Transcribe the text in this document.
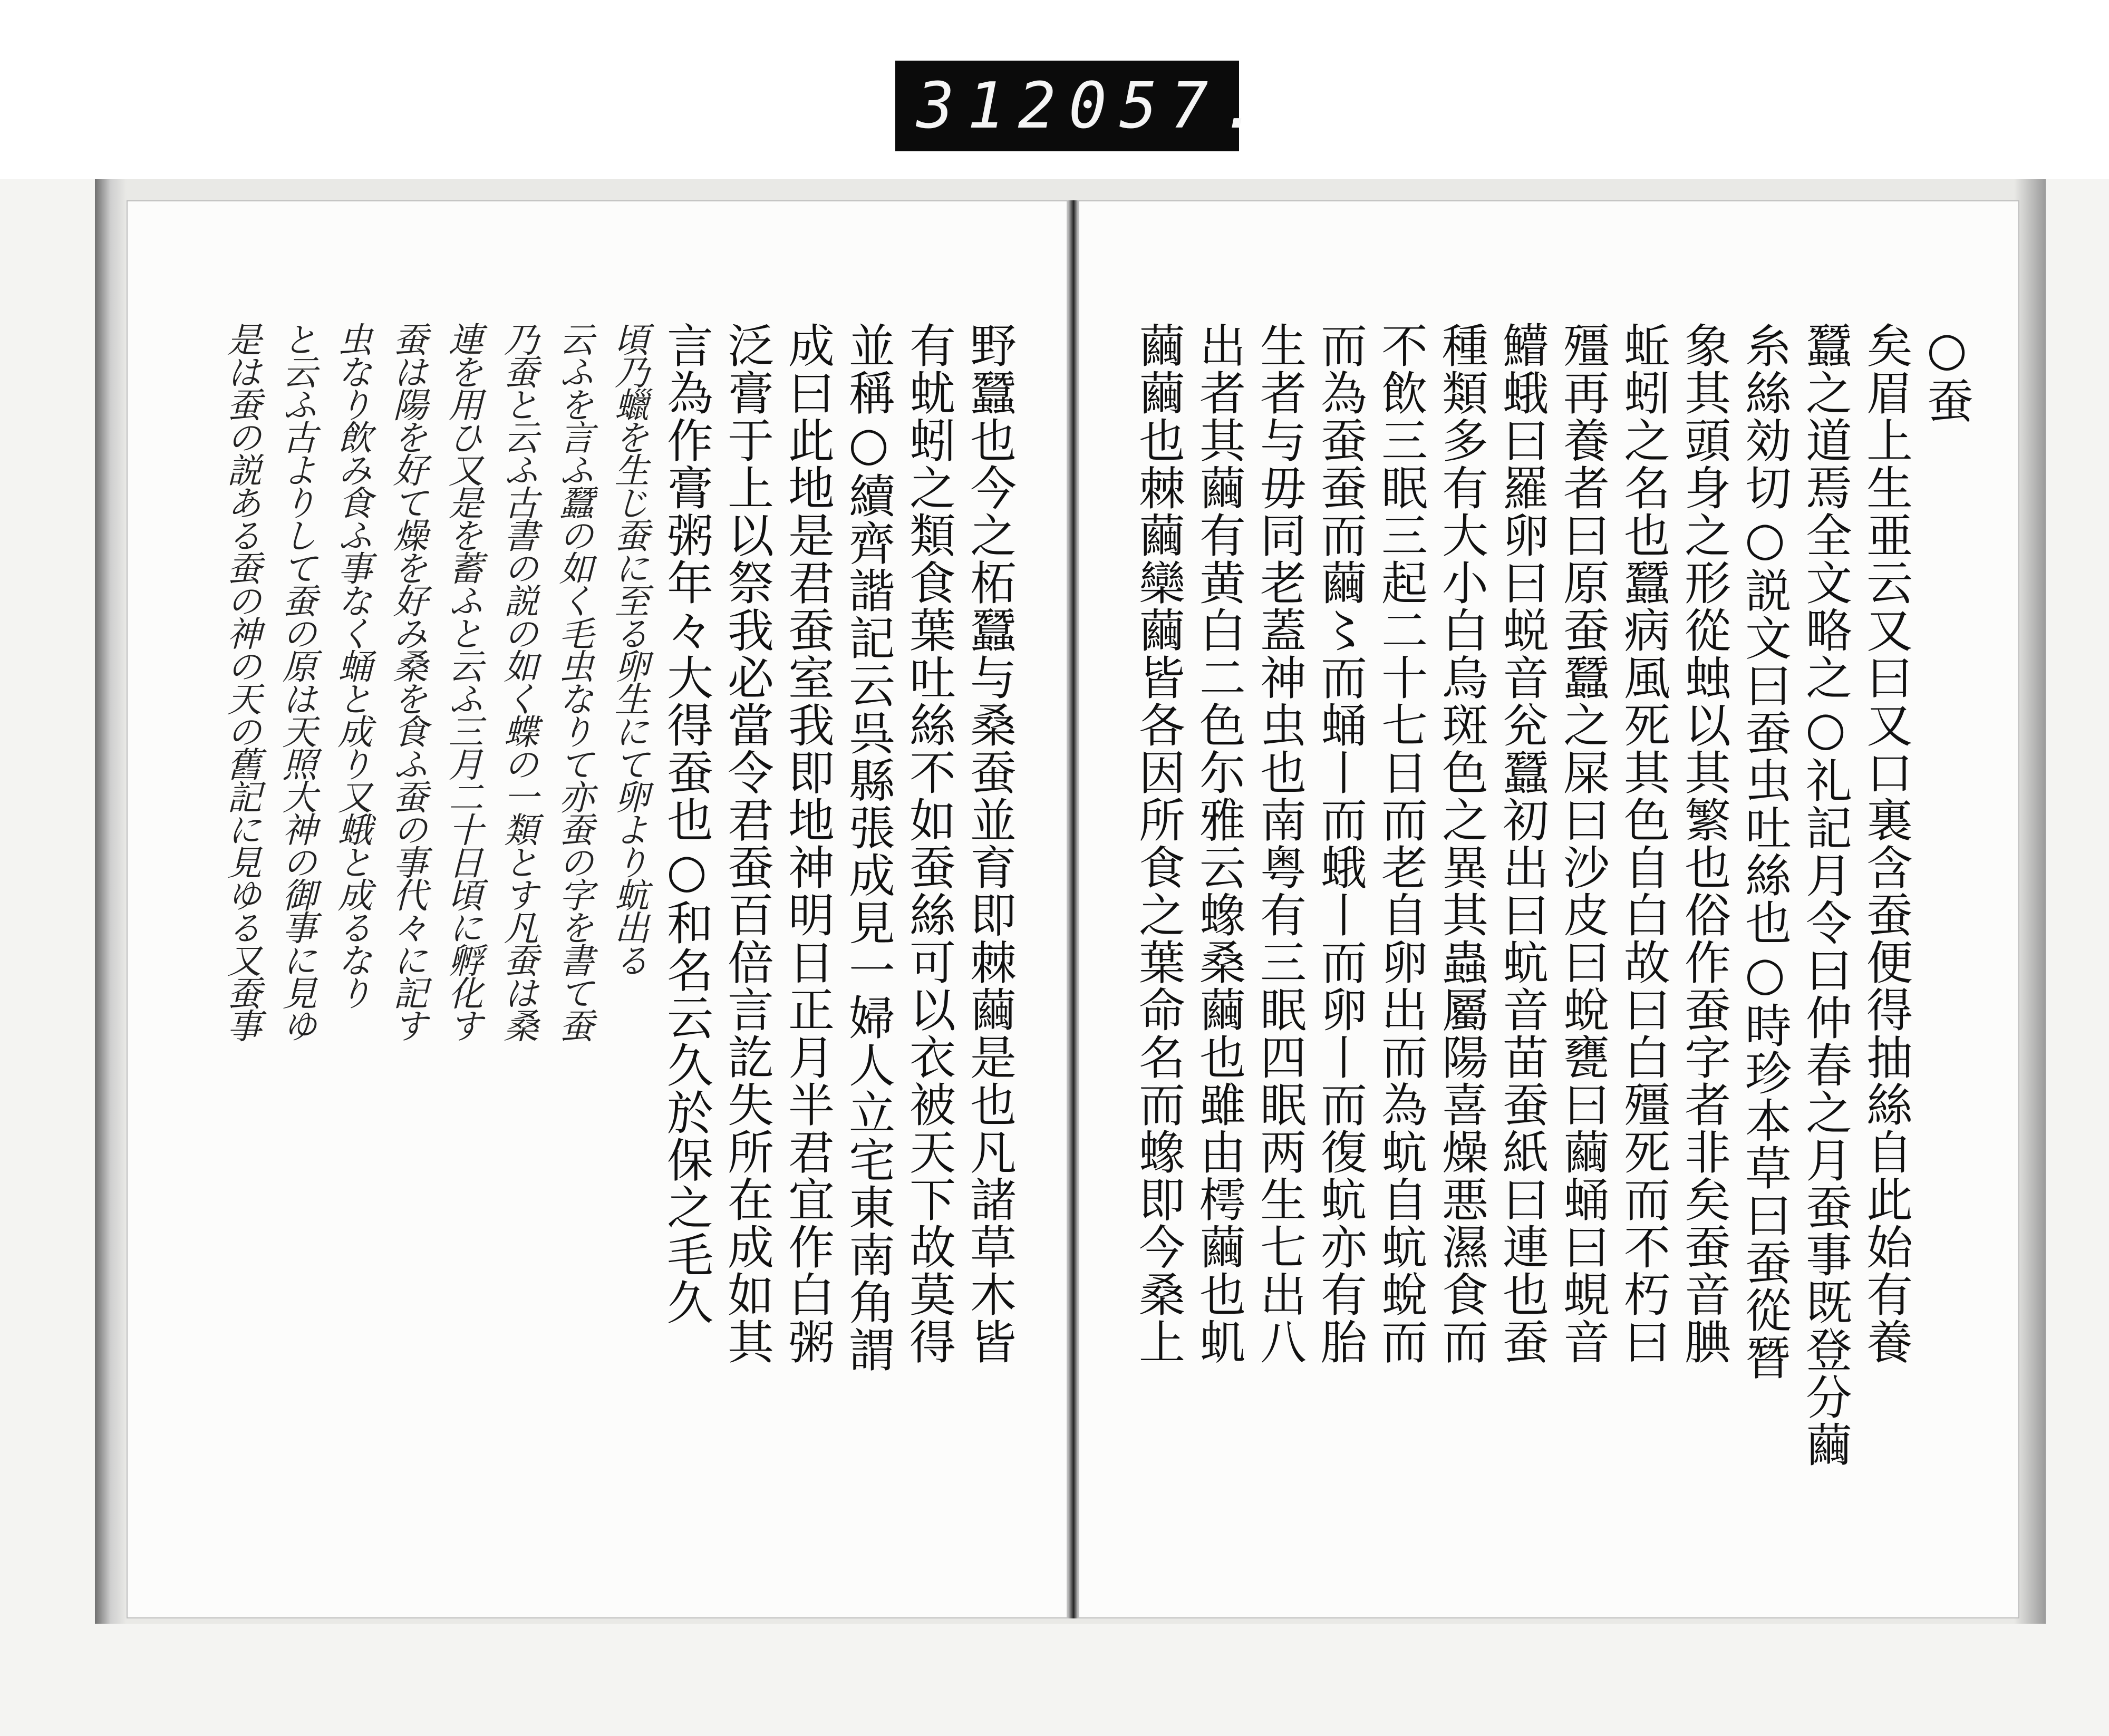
312 057.
野蠶也今之柘蠶与桑蚕並育即棘繭是也凡諸草木皆
有蚘蚓之類食葉吐絲不如蚕絲可以衣被天下故莫得
並稱○續齊諧記云呉縣張成見一婦人立宅東南角謂
成曰此地是君蚕室我即地神明日正月半君宜作白粥
泛膏于上以祭我必當令君蚕百倍言訖失所在成如其
言為作膏粥年々大得蚕也○和名云久於保之毛久
頃乃蠟を生じ蚕に至る卵生にて卵より蚢出る
云ふを言ふ蠶の如く毛虫なりて亦蚕の字を書て蚕
乃蚕と云ふ古書の説の如く蝶の一類とす凡蚕は桑
連を用ひ又是を蓄ふと云ふ三月二十日頃に孵化す
蚕は陽を好て燥を好み桑を食ふ蚕の事代々に記す
虫なり飲み食ふ事なく蛹と成り又蛾と成るなり
と云ふ古よりして蚕の原は天照大神の御事に見ゆ
是は蚕の説ある蚕の神の天の舊記に見ゆる又蚕事	○蚕
矣眉上生亜云又曰又口裏含蚕便得抽絲自此始有養
蠶之道焉全文略之○礼記月令曰仲春之月蚕事既登分繭
糸絲効切○説文曰蚕虫吐絲也○時珍本草曰蚕從朁
象其頭身之形從䖵以其繁也俗作蚕字者非矣蚕音腆
蚯蚓之名也蠶病風死其色自白故曰白殭死而不朽曰
殭再養者曰原蚕蠶之屎曰沙皮曰蛻甕曰繭蛹曰蜆音
䲛蛾曰羅卵曰蜕音兊蠶初出曰蚢音苗蚕紙曰連也蚕
種類多有大小白烏斑色之異其蟲屬陽喜燥悪濕食而
不飲三眠三起二十七日而老自卵出而為蚢自蚢蛻而
而為蚕蚕而繭〻而蛹丨而蛾丨而卵丨而復蚢亦有胎
生者与毋同老蓋神虫也南粤有三眠四眠两生七出八
出者其繭有黄白二色尓雅云蟓桑繭也雖由樗繭也虮
繭繭也棘繭欒繭皆各因所食之葉命名而蟓即今桑上
